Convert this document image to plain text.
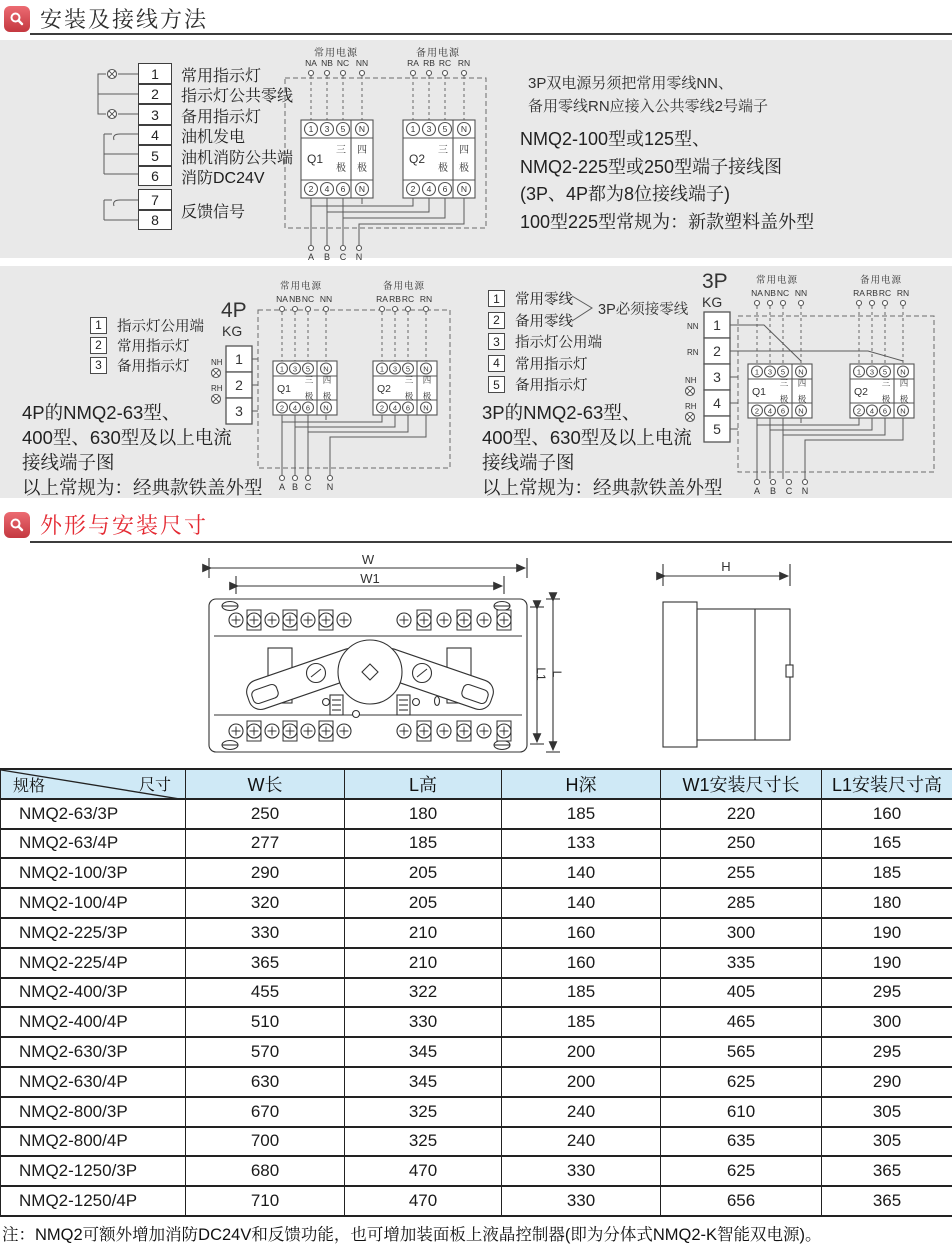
安装及接线方法
1	常用指示灯
2	指示灯公共零线
3	备用指示灯
4	油机发电
5	油机消防公共端
6	消防DC24V
7
8	反馈信号
常用电源	备用电源
NA NB NC NN	RA RB RC RN
1 3 5 N
2 4 6 N
Q1
三
极
四
极
1 3 5 N
2 4 6 N
Q2
三
极
四
极
A B C N
3P双电源另须把常用零线NN、
备用零线RN应接入公共零线2号端子
NMQ2-100型或125型、
NMQ2-225型或250型端子接线图
(3P、4P都为8位接线端子)
100型225型常规为：新款塑料盖外型
1	指示灯公用端
2	常用指示灯
3	备用指示灯
4P
KG
1
2
3
NH
RH
常用电源	备用电源
NA NB NC NN	RA RB RC RN
1 3 5 N
2 4 6 N
Q1
三
极
四
极
1 3 5 N
2 4 6 N
Q2
三
极
四
极
A B C N
4P的NMQ2-63型、
400型、630型及以上电流
接线端子图
以上常规为：经典款铁盖外型
1	常用零线
2	备用零线
3	指示灯公用端
4	常用指示灯
5	备用指示灯
3P必须接零线
3P
KG
1
2
3
4
5
NN
RN
NH
RH
常用电源	备用电源
NA NB NC NN	RA RB RC RN
1 3 5 N
2 4 6 N
Q1
三
极
四
极
1 3 5 N
2 4 6 N
Q2
三
极
四
极
A B C N
3P的NMQ2-63型、
400型、630型及以上电流
接线端子图
以上常规为：经典款铁盖外型
外形与安装尺寸
W
W1
L1 L
H
尺寸
规格	W长	L高	H深	W1安装尺寸长	L1安装尺寸高
NMQ2-63/3P	250	180	185	220	160
NMQ2-63/4P	277	185	133	250	165
NMQ2-100/3P	290	205	140	255	185
NMQ2-100/4P	320	205	140	285	180
NMQ2-225/3P	330	210	160	300	190
NMQ2-225/4P	365	210	160	335	190
NMQ2-400/3P	455	322	185	405	295
NMQ2-400/4P	510	330	185	465	300
NMQ2-630/3P	570	345	200	565	295
NMQ2-630/4P	630	345	200	625	290
NMQ2-800/3P	670	325	240	610	305
NMQ2-800/4P	700	325	240	635	305
NMQ2-1250/3P	680	470	330	625	365
NMQ2-1250/4P	710	470	330	656	365
注：NMQ2可额外增加消防DC24V和反馈功能，也可增加装面板上液晶控制器(即为分体式NMQ2-K智能双电源)。
